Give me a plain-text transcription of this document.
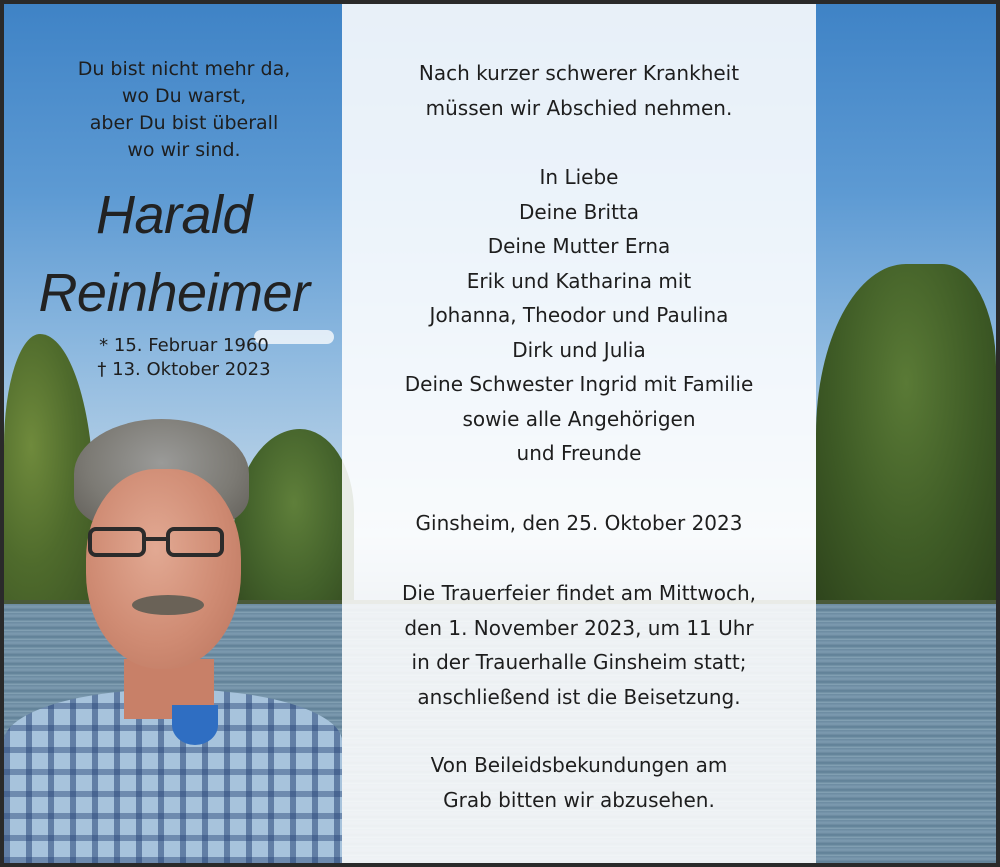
Du bist nicht mehr da,
wo Du warst,
aber Du bist überall
wo wir sind.
Harald
Reinheimer
* 15. Februar 1960
† 13. Oktober 2023
Nach kurzer schwerer Krankheit
müssen wir Abschied nehmen.
In Liebe
Deine Britta
Deine Mutter Erna
Erik und Katharina mit
Johanna, Theodor und Paulina
Dirk und Julia
Deine Schwester Ingrid mit Familie
sowie alle Angehörigen
und Freunde
Ginsheim, den 25. Oktober 2023
Die Trauerfeier findet am Mittwoch,
den 1. November 2023, um 11 Uhr
in der Trauerhalle Ginsheim statt;
anschließend ist die Beisetzung.
Von Beileidsbekundungen am
Grab bitten wir abzusehen.
